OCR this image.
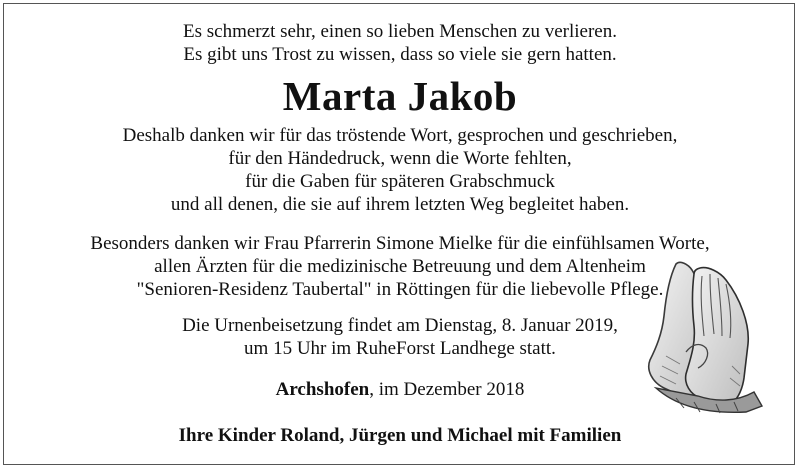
Es schmerzt sehr, einen so lieben Menschen zu verlieren.
Es gibt uns Trost zu wissen, dass so viele sie gern hatten.
Marta Jakob
Deshalb danken wir für das tröstende Wort, gesprochen und geschrieben,
für den Händedruck, wenn die Worte fehlten,
für die Gaben für späteren Grabschmuck
und all denen, die sie auf ihrem letzten Weg begleitet haben.
Besonders danken wir Frau Pfarrerin Simone Mielke für die einfühlsamen Worte,
allen Ärzten für die medizinische Betreuung und dem Altenheim
"Senioren-Residenz Taubertal" in Röttingen für die liebevolle Pflege.
Die Urnenbeisetzung findet am Dienstag, 8. Januar 2019,
um 15 Uhr im RuheForst Landhege statt.
Archshofen, im Dezember 2018
Ihre Kinder Roland, Jürgen und Michael mit Familien
